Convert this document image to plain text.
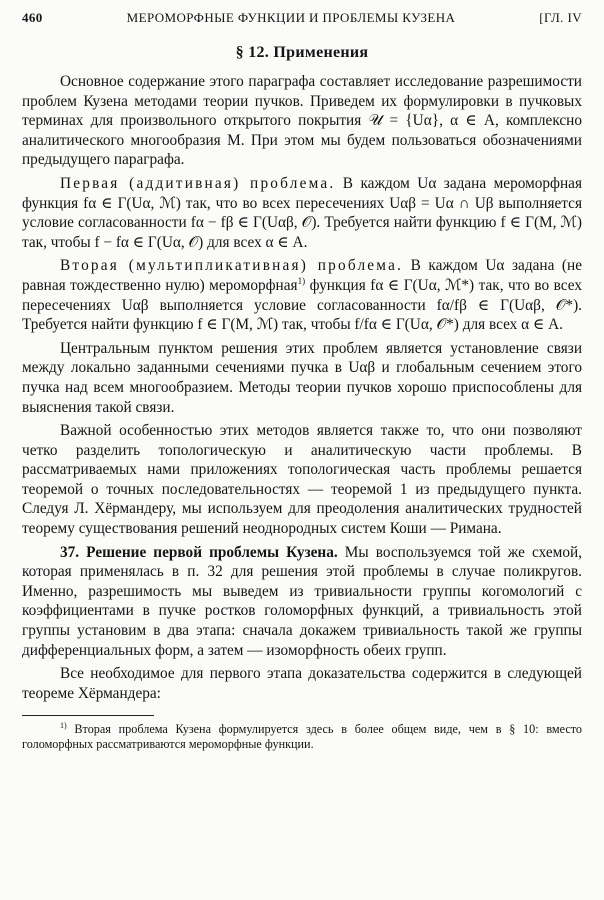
460	МЕРОМОРФНЫЕ ФУНКЦИИ И ПРОБЛЕМЫ КУЗЕНА	[ГЛ. IV
§ 12. Применения

Основное содержание этого параграфа составляет исследование разрешимости проблем Кузена методами теории пучков. Приведем их формулировки в пучковых терминах для произвольного открытого покрытия 𝒰 = {Uα}, α ∈ A, комплексно аналитического многообразия M. При этом мы будем пользоваться обозначениями предыдущего параграфа.

Первая (аддитивная) проблема. В каждом Uα задана мероморфная функция fα ∈ Γ(Uα, ℳ) так, что во всех пересечениях Uαβ = Uα ∩ Uβ выполняется условие согласованности fα − fβ ∈ Γ(Uαβ, 𝒪). Требуется найти функцию f ∈ Γ(M, ℳ) так, чтобы f − fα ∈ Γ(Uα, 𝒪) для всех α ∈ A.

Вторая (мультипликативная) проблема. В каждом Uα задана (не равная тождественно нулю) мероморфная$^{1)}$ функция fα ∈ Γ(Uα, ℳ*) так, что во всех пересечениях Uαβ выполняется условие согласованности fα/fβ ∈ Γ(Uαβ, 𝒪*). Требуется найти функцию f ∈ Γ(M, ℳ) так, чтобы f/fα ∈ Γ(Uα, 𝒪*) для всех α ∈ A.

Центральным пунктом решения этих проблем является установление связи между локально заданными сечениями пучка в Uαβ и глобальным сечением этого пучка над всем многообразием. Методы теории пучков хорошо приспособлены для выяснения такой связи.

Важной особенностью этих методов является также то, что они позволяют четко разделить топологическую и аналитическую части проблемы. В рассматриваемых нами приложениях топологическая часть проблемы решается теоремой о точных последовательностях — теоремой 1 из предыдущего пункта. Следуя Л. Хёрмандеру, мы используем для преодоления аналитических трудностей теорему существования решений неоднородных систем Коши — Римана.

37. Решение первой проблемы Кузена. Мы воспользуемся той же схемой, которая применялась в п. 32 для решения этой проблемы в случае поликругов. Именно, разрешимость мы выведем из тривиальности группы когомологий с коэффициентами в пучке ростков голоморфных функций, а тривиальность этой группы установим в два этапа: сначала докажем тривиальность такой же группы дифференциальных форм, а затем — изоморфность обеих групп.

Все необходимое для первого этапа доказательства содержится в следующей теореме Хёрмандера:

$^{1)}$ Вторая проблема Кузена формулируется здесь в более общем виде, чем в § 10: вместо голоморфных рассматриваются мероморфные функции.
